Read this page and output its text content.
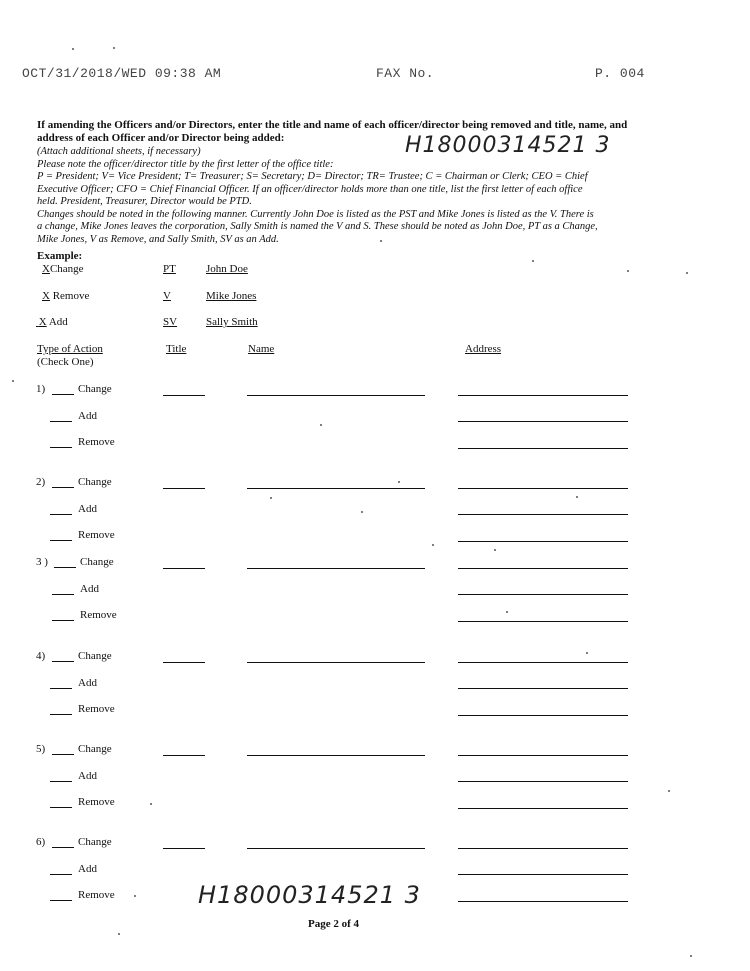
OCT/31/2018/WED 09:38 AM	FAX No.	P. 004
If amending the Officers and/or Directors, enter the title and name of each officer/director being removed and title, name, and
address of each Officer and/or Director being added:
(Attach additional sheets, if necessary)
Please note the officer/director title by the first letter of the office title:
P = President; V= Vice President; T= Treasurer; S= Secretary; D= Director; TR= Trustee; C = Chairman or Clerk; CEO = Chief
Executive Officer; CFO = Chief Financial Officer. If an officer/director holds more than one title, list the first letter of each office
held. President, Treasurer, Director would be PTD.
Changes should be noted in the following manner. Currently John Doe is listed as the PST and Mike Jones is listed as the V. There is
a change, Mike Jones leaves the corporation, Sally Smith is named the V and S. These should be noted as John Doe, PT as a Change,
Mike Jones, V as Remove, and Sally Smith, SV as an Add.
H18000314521 3
Example:
XChange	PT	John Doe
X Remove	V	Mike Jones
X Add	SV	Sally Smith
Type of Action
(Check One)
Title	Name	Address
1)	Change
Add
Remove
2)	Change
Add
Remove
3 )	Change
Add
Remove
4)	Change
Add
Remove
5)	Change
Add
Remove
6)	Change
Add
Remove	H18000314521 3
Page 2 of 4
